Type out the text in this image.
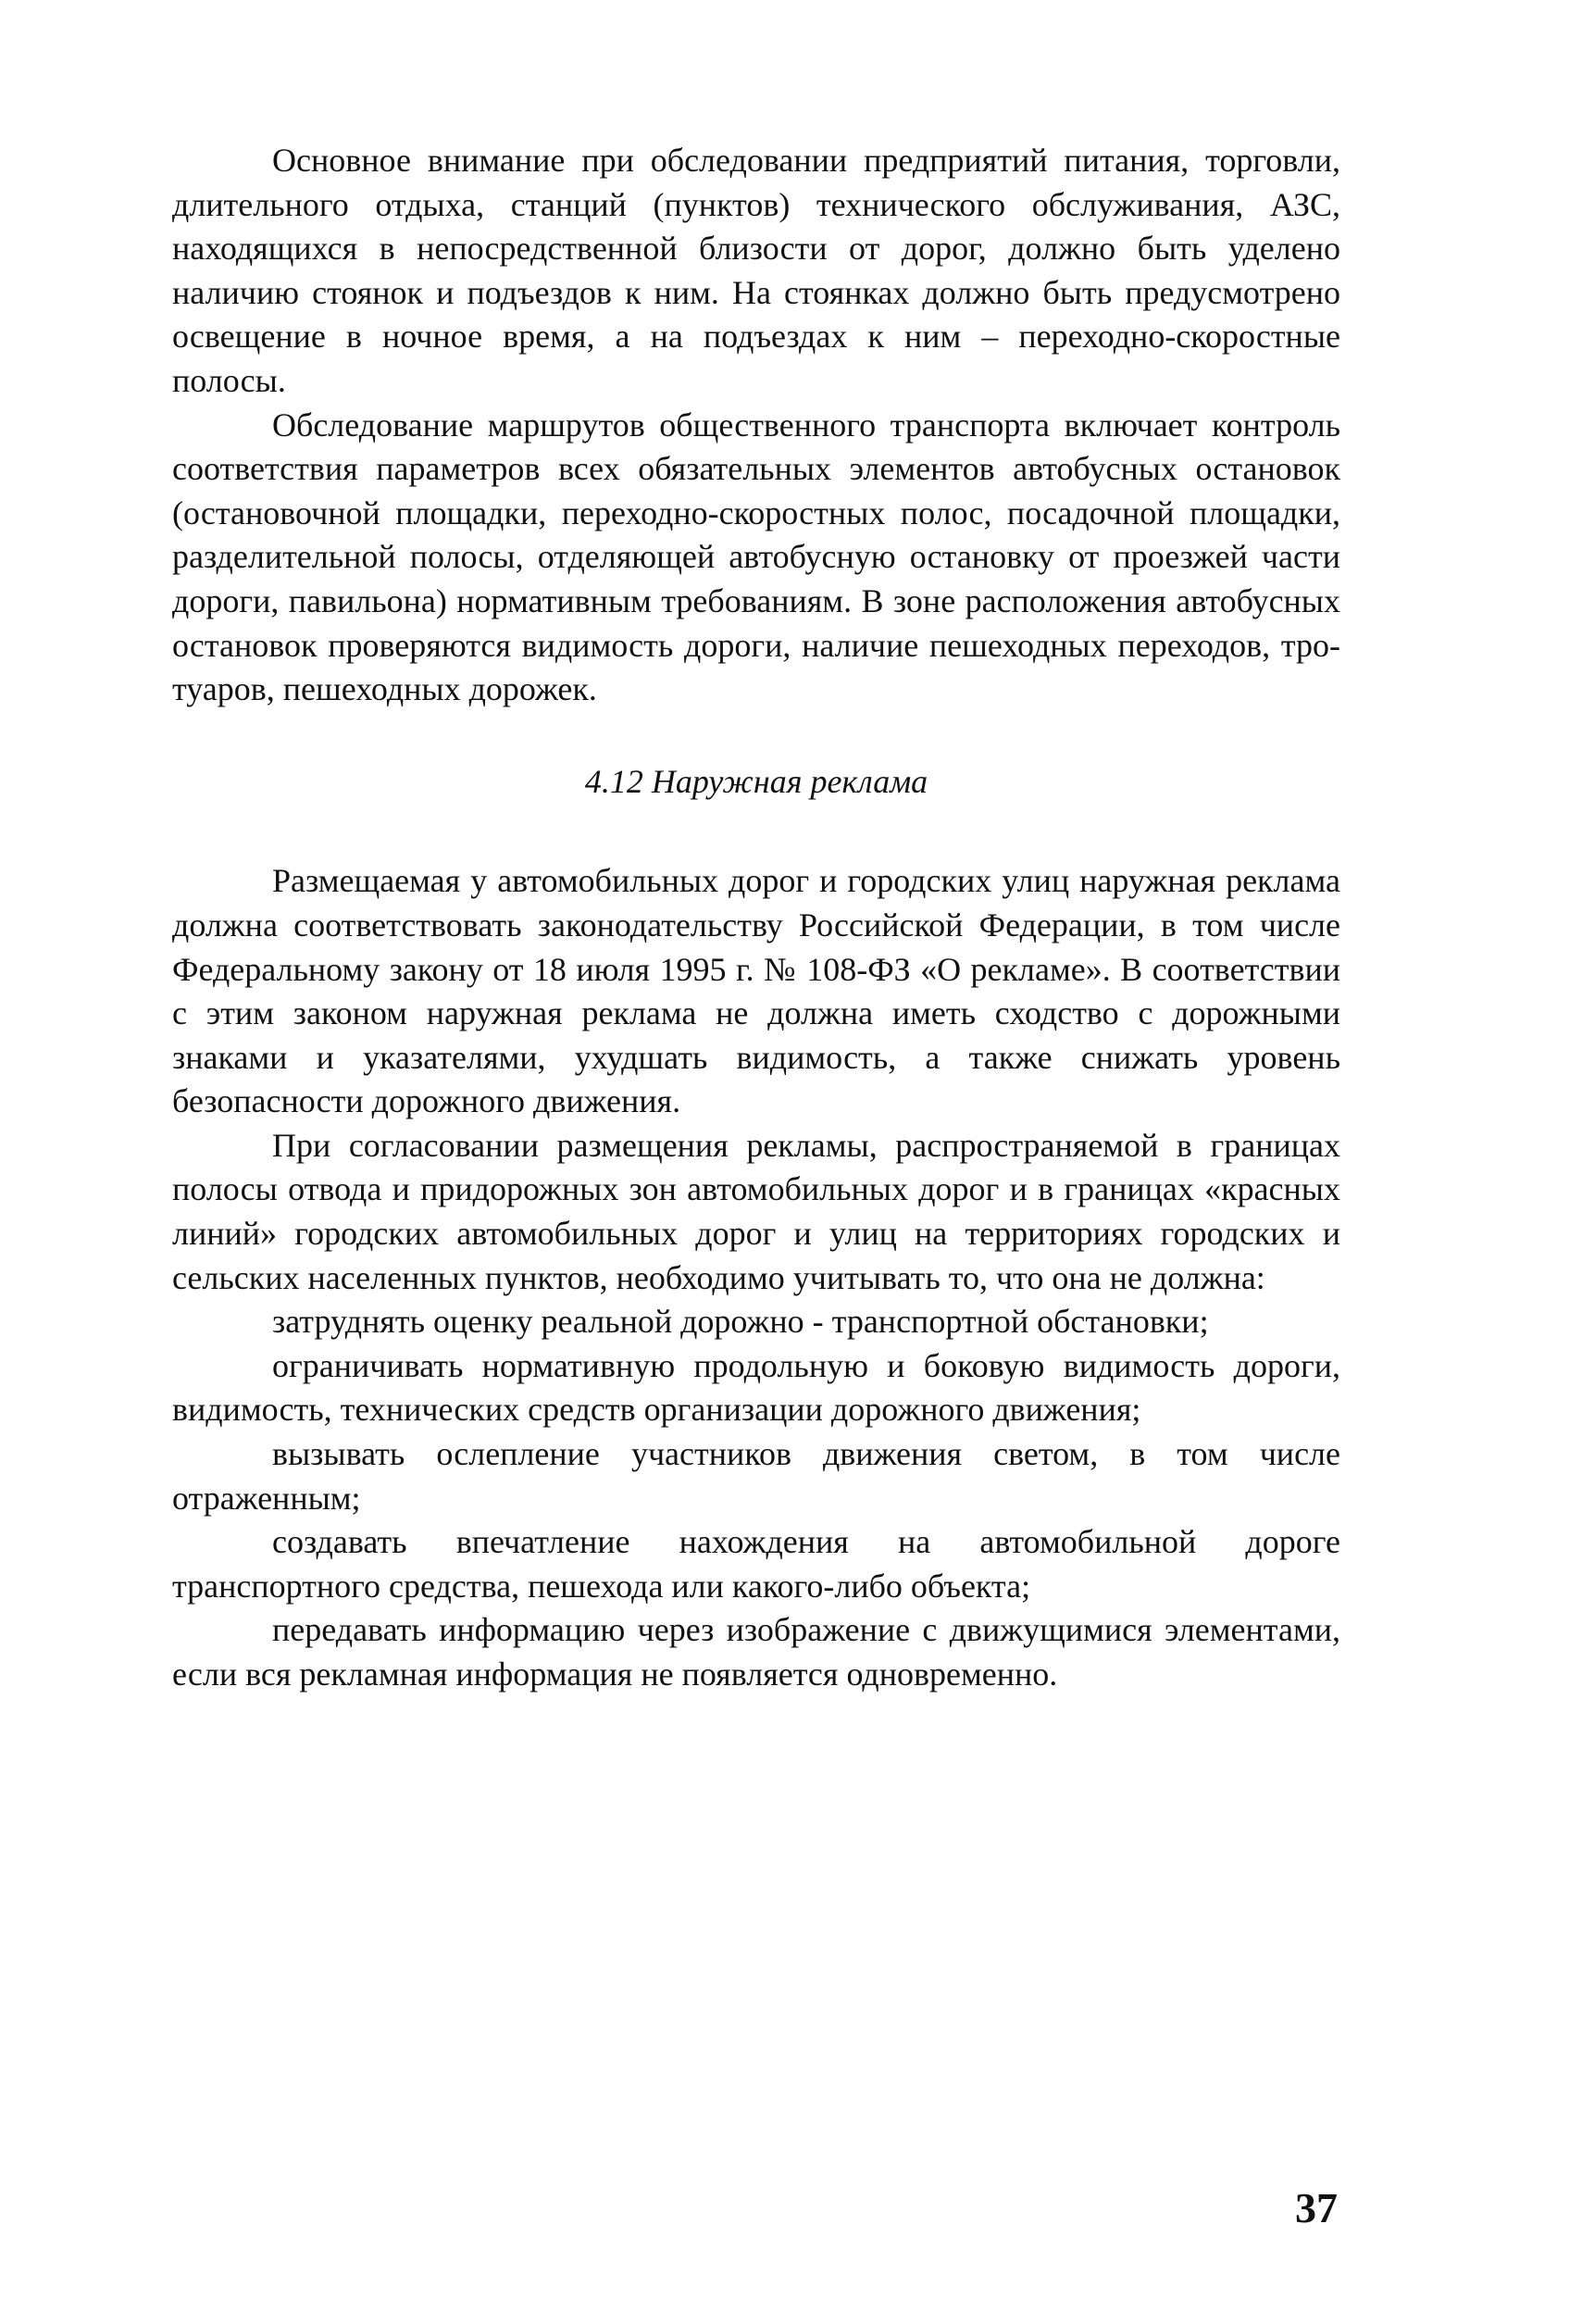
Основное внимание при обследовании предприятий питания, торговли, длительного отдыха, станций (пунктов) технического обслуживания, АЗС, находящихся в непосредственной близости от дорог, должно быть уделено наличию стоянок и подъездов к ним. На стоянках должно быть предусмотрено освещение в ночное время, а на подъездах к ним – переходно-скоростные полосы.

Обследование маршрутов общественного транспорта включает контроль соответствия параметров всех обязательных элементов автобусных остановок (остановочной площадки, переходно-скоростных полос, посадочной площадки, разделительной полосы, отделяющей автобусную остановку от проезжей части дороги, павильона) нормативным требованиям. В зоне расположения автобусных остановок проверяются видимость дороги, наличие пешеходных переходов, тротуаров, пешеходных дорожек.

4.12 Наружная реклама

Размещаемая у автомобильных дорог и городских улиц наружная реклама должна соответствовать законодательству Российской Федерации, в том числе Федеральному закону от 18 июля 1995 г. № 108-ФЗ «О рекламе». В соответствии с этим законом наружная реклама не должна иметь сходство с дорожными знаками и указателями, ухудшать видимость, а также снижать уровень безопасности дорожного движения.

При согласовании размещения рекламы, распространяемой в границах полосы отвода и придорожных зон автомобильных дорог и в границах «красных линий» городских автомобильных дорог и улиц на территориях городских и сельских населенных пунктов, необходимо учитывать то, что она не должна:

затруднять оценку реальной дорожно - транспортной обстановки;

ограничивать нормативную продольную и боковую видимость дороги, видимость, технических средств организации дорожного движения;

вызывать ослепление участников движения светом, в том числе отраженным;

создавать впечатление нахождения на автомобильной дороге транспортного средства, пешехода или какого-либо объекта;

передавать информацию через изображение с движущимися элементами, если вся рекламная информация не появляется одновременно.

37
